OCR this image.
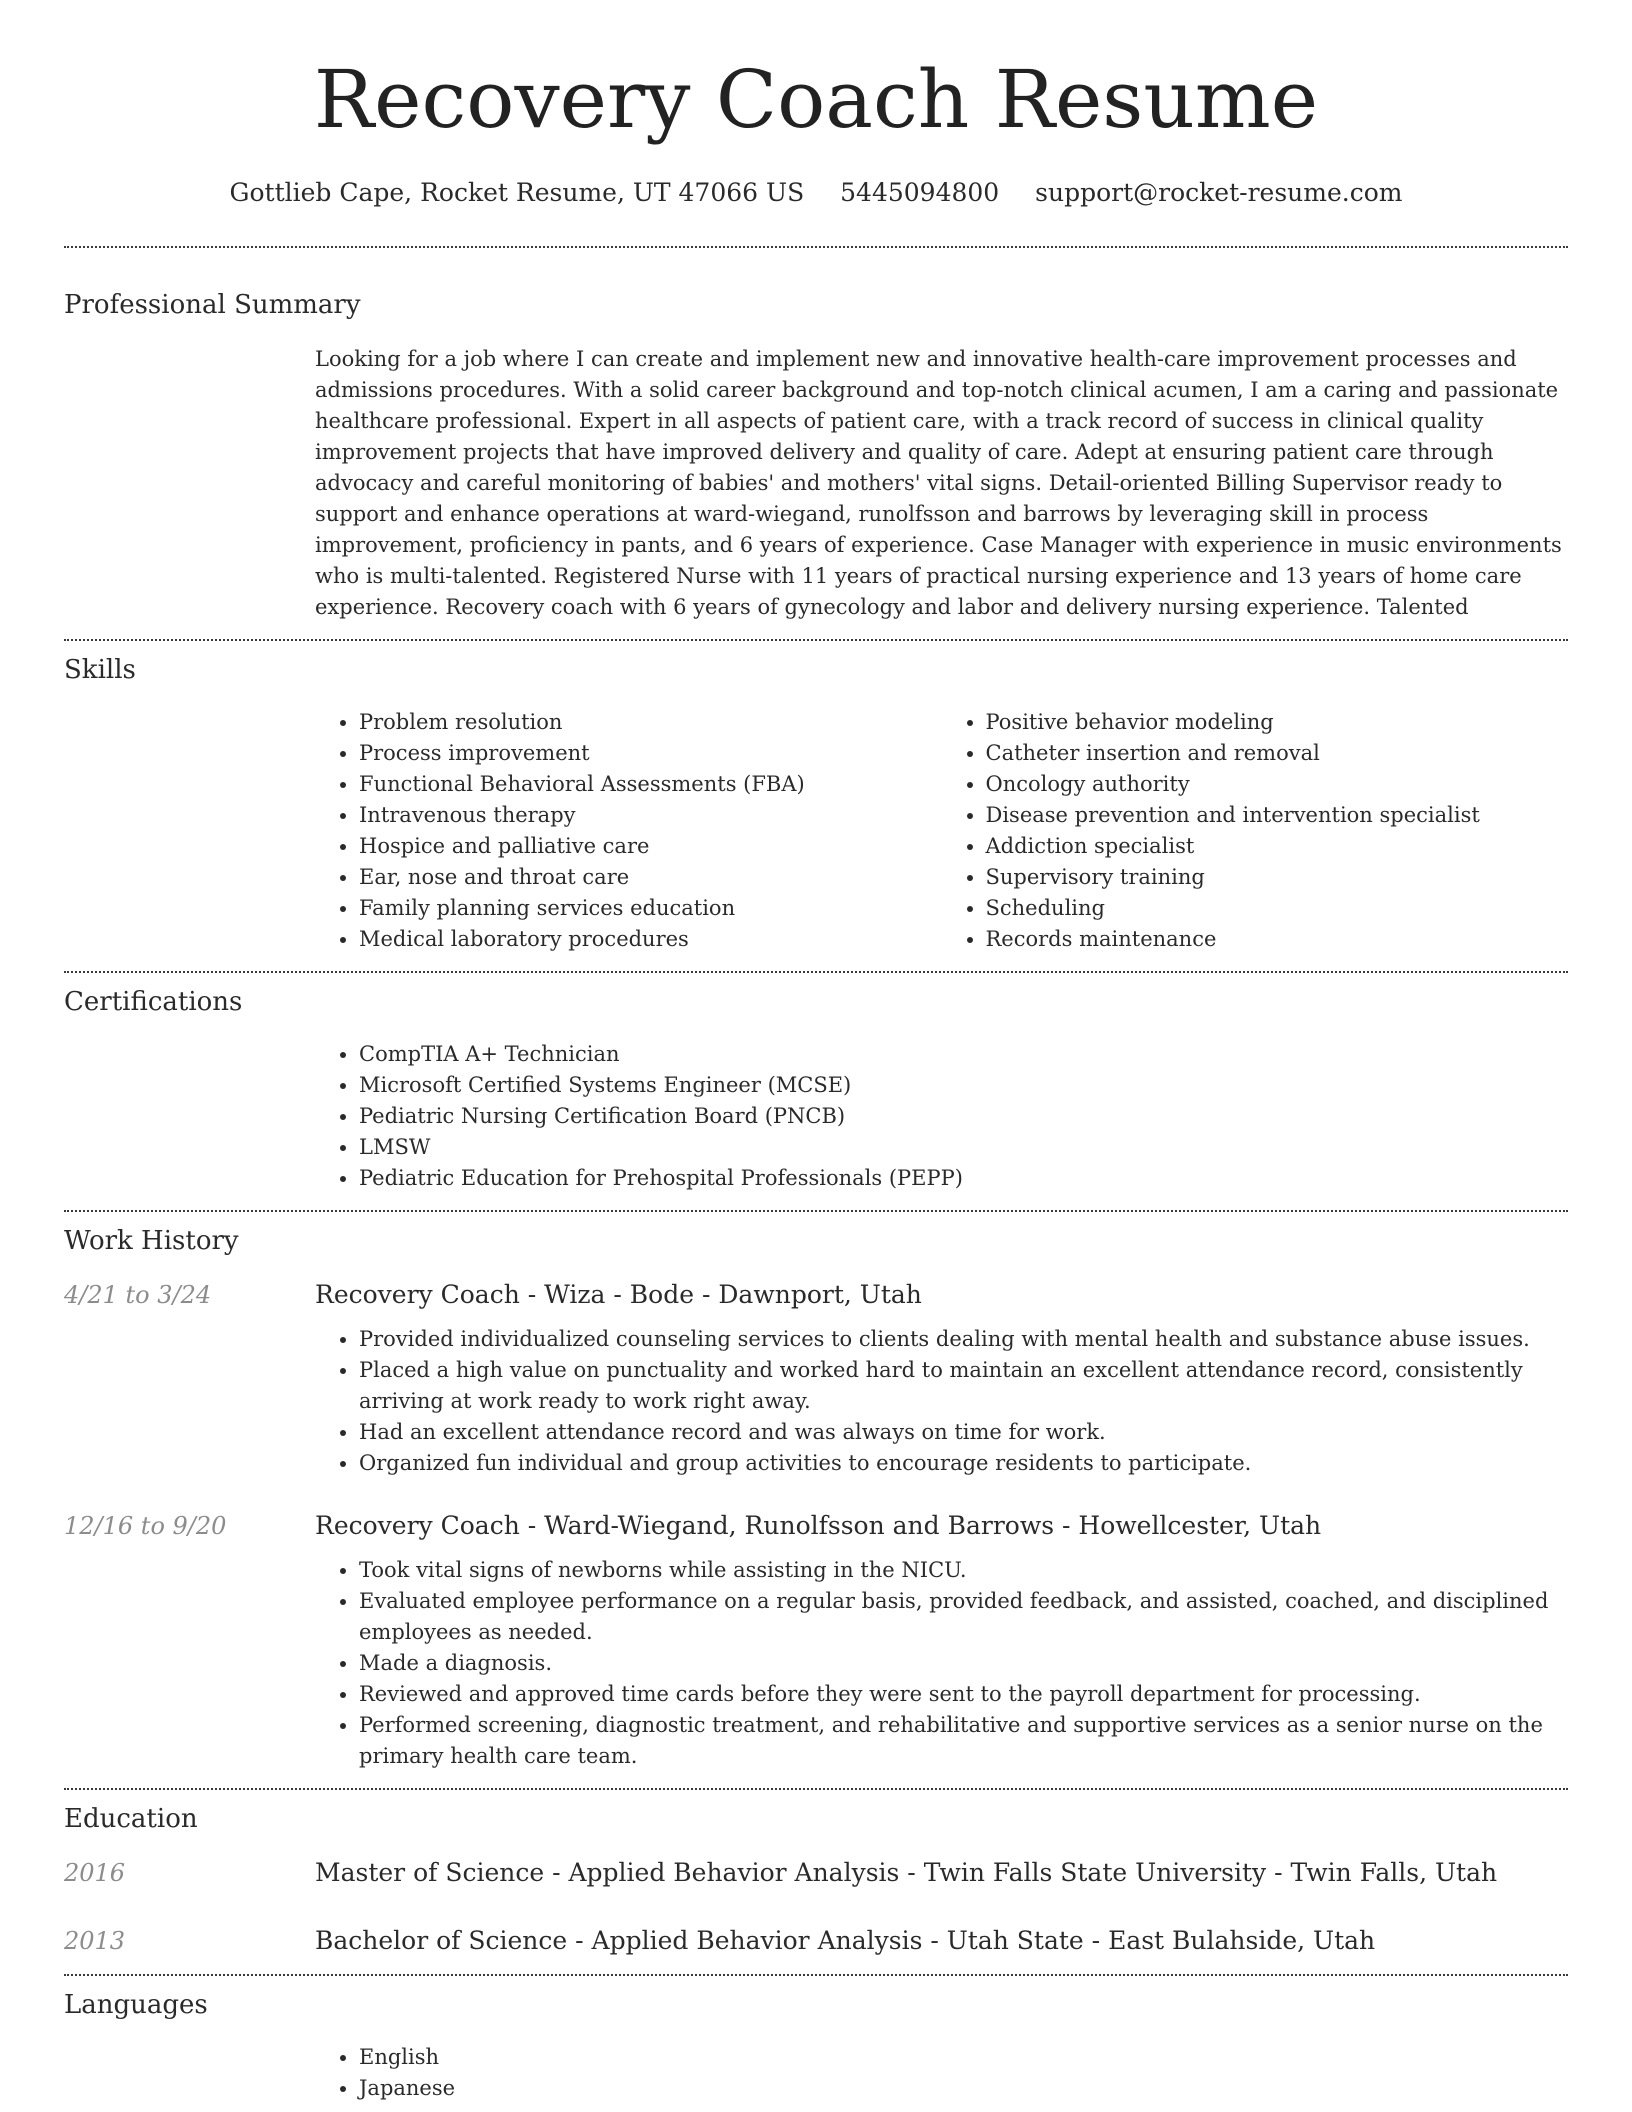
Recovery Coach Resume
Gottlieb Cape, Rocket Resume, UT 47066 US 5445094800 support@rocket-resume.com
Professional Summary

Looking for a job where I can create and implement new and innovative health-care improvement processes and admissions procedures. With a solid career background and top-notch clinical acumen, I am a caring and passionate healthcare professional. Expert in all aspects of patient care, with a track record of success in clinical quality improvement projects that have improved delivery and quality of care. Adept at ensuring patient care through advocacy and careful monitoring of babies' and mothers' vital signs. Detail-oriented Billing Supervisor ready to support and enhance operations at ward-wiegand, runolfsson and barrows by leveraging skill in process improvement, proficiency in pants, and 6 years of experience. Case Manager with experience in music environments who is multi-talented. Registered Nurse with 11 years of practical nursing experience and 13 years of home care experience. Recovery coach with 6 years of gynecology and labor and delivery nursing experience. Talented

Skills
• Problem resolution
• Process improvement
• Functional Behavioral Assessments (FBA)
• Intravenous therapy
• Hospice and palliative care
• Ear, nose and throat care
• Family planning services education
• Medical laboratory procedures
• Positive behavior modeling
• Catheter insertion and removal
• Oncology authority
• Disease prevention and intervention specialist
• Addiction specialist
• Supervisory training
• Scheduling
• Records maintenance
Certifications
• CompTIA A+ Technician
• Microsoft Certified Systems Engineer (MCSE)
• Pediatric Nursing Certification Board (PNCB)
• LMSW
• Pediatric Education for Prehospital Professionals (PEPP)
Work History
4/21 to 3/24	Recovery Coach - Wiza - Bode - Dawnport, Utah
• Provided individualized counseling services to clients dealing with mental health and substance abuse issues.
• Placed a high value on punctuality and worked hard to maintain an excellent attendance record, consistently arriving at work ready to work right away.
• Had an excellent attendance record and was always on time for work.
• Organized fun individual and group activities to encourage residents to participate.
12/16 to 9/20	Recovery Coach - Ward-Wiegand, Runolfsson and Barrows - Howellcester, Utah
• Took vital signs of newborns while assisting in the NICU.
• Evaluated employee performance on a regular basis, provided feedback, and assisted, coached, and disciplined employees as needed.
• Made a diagnosis.
• Reviewed and approved time cards before they were sent to the payroll department for processing.
• Performed screening, diagnostic treatment, and rehabilitative and supportive services as a senior nurse on the primary health care team.
Education
2016	Master of Science - Applied Behavior Analysis - Twin Falls State University - Twin Falls, Utah
2013	Bachelor of Science - Applied Behavior Analysis - Utah State - East Bulahside, Utah
Languages
• English
• Japanese
